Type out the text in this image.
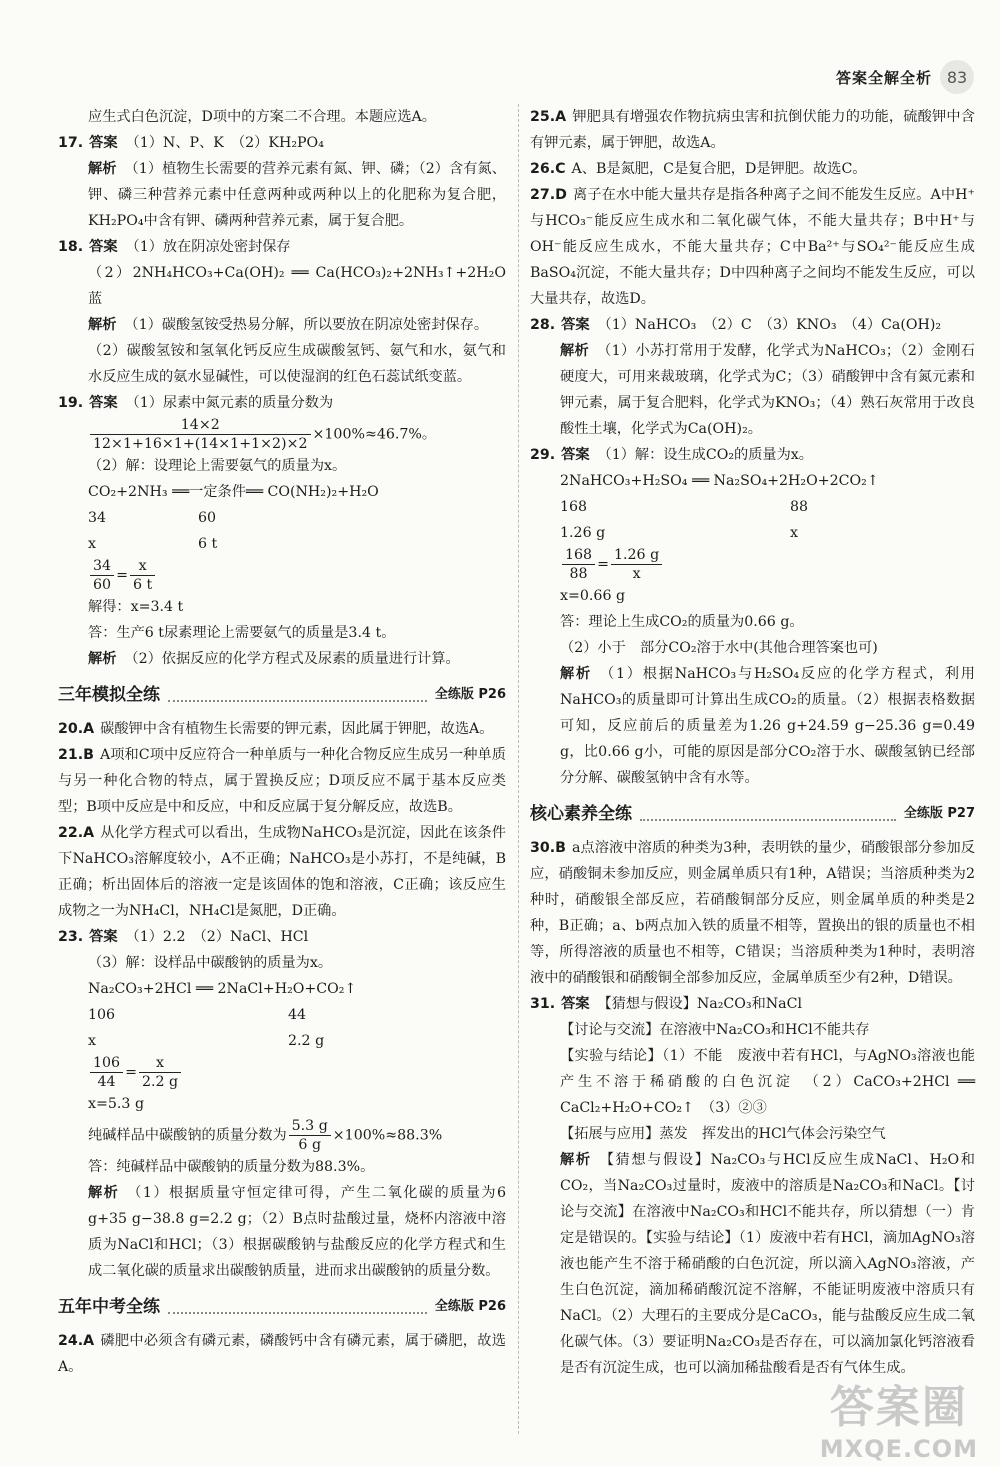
答案全解全析 83

应生式白色沉淀，D项中的方案二不合理。本题应选A。

17. 答案 （1）N、P、K　（2）KH₂PO₄

解析 （1）植物生长需要的营养元素有氮、钾、磷；（2）含有氮、钾、磷三种营养元素中任意两种或两种以上的化肥称为复合肥，KH₂PO₄中含有钾、磷两种营养元素，属于复合肥。

18. 答案 （1）放在阴凉处密封保存

（2）2NH₄HCO₃+Ca(OH)₂ ══ Ca(HCO₃)₂+2NH₃↑+2H₂O　蓝

解析 （1）碳酸氢铵受热易分解，所以要放在阴凉处密封保存。

（2）碳酸氢铵和氢氧化钙反应生成碳酸氢钙、氨气和水，氨气和水反应生成的氨水显碱性，可以使湿润的红色石蕊试纸变蓝。

19. 答案 （1）尿素中氮元素的质量分数为

$\frac{14\times 2}{12\times 1+16\times 1+(14\times 1+1\times 2)\times 2} \times 100\%\approx 46.7\%$。

（2）解：设理论上需要氨气的质量为x。

CO₂+2NH₃ ══一定条件══ CO(NH₂)₂+H₂O

34	60

x	6 t

$\frac{34}{60} = \frac{x}{6 t}$

解得：x=3.4 t

答：生产6 t尿素理论上需要氨气的质量是3.4 t。

解析 （2）依据反应的化学方程式及尿素的质量进行计算。

三年模拟全练	全练版 P26

20.A 碳酸钾中含有植物生长需要的钾元素，因此属于钾肥，故选A。

21.B A项和C项中反应符合一种单质与一种化合物反应生成另一种单质与另一种化合物的特点，属于置换反应；D项反应不属于基本反应类型；B项中反应是中和反应，中和反应属于复分解反应，故选B。

22.A 从化学方程式可以看出，生成物NaHCO₃是沉淀，因此在该条件下NaHCO₃溶解度较小，A不正确；NaHCO₃是小苏打，不是纯碱，B正确；析出固体后的溶液一定是该固体的饱和溶液，C正确；该反应生成物之一为NH₄Cl，NH₄Cl是氮肥，D正确。

23. 答案 （1）2.2　（2）NaCl、HCl

（3）解：设样品中碳酸钠的质量为x。

Na₂CO₃+2HCl ══ 2NaCl+H₂O+CO₂↑

106	44

x	2.2 g

$\frac{106}{44} = \frac{x}{2.2 g}$

x=5.3 g

纯碱样品中碳酸钠的质量分数为 $\frac{5.3 g}{6 g} \times 100\%\approx 88.3\%$

答：纯碱样品中碳酸钠的质量分数为88.3%。

解析 （1）根据质量守恒定律可得，产生二氧化碳的质量为6 g+35 g−38.8 g=2.2 g；（2）B点时盐酸过量，烧杯内溶液中溶质为NaCl和HCl；（3）根据碳酸钠与盐酸反应的化学方程式和生成二氧化碳的质量求出碳酸钠质量，进而求出碳酸钠的质量分数。

五年中考全练	全练版 P26

24.A 磷肥中必须含有磷元素，磷酸钙中含有磷元素，属于磷肥，故选A。

25.A 钾肥具有增强农作物抗病虫害和抗倒伏能力的功能，硫酸钾中含有钾元素，属于钾肥，故选A。

26.C A、B是氮肥，C是复合肥，D是钾肥。故选C。

27.D 离子在水中能大量共存是指各种离子之间不能发生反应。A中H⁺与HCO₃⁻能反应生成水和二氧化碳气体，不能大量共存；B中H⁺与OH⁻能反应生成水，不能大量共存；C中Ba²⁺与SO₄²⁻能反应生成BaSO₄沉淀，不能大量共存；D中四种离子之间均不能发生反应，可以大量共存，故选D。

28. 答案 （1）NaHCO₃　（2）C　（3）KNO₃　（4）Ca(OH)₂

解析 （1）小苏打常用于发酵，化学式为NaHCO₃；（2）金刚石硬度大，可用来裁玻璃，化学式为C；（3）硝酸钾中含有氮元素和钾元素，属于复合肥料，化学式为KNO₃；（4）熟石灰常用于改良酸性土壤，化学式为Ca(OH)₂。

29. 答案 （1）解：设生成CO₂的质量为x。

2NaHCO₃+H₂SO₄ ══ Na₂SO₄+2H₂O+2CO₂↑

168	88

1.26 g	x

$\frac{168}{88} = \frac{1.26 g}{x}$

x=0.66 g

答：理论上生成CO₂的质量为0.66 g。

（2）小于　部分CO₂溶于水中(其他合理答案也可)

解析 （1）根据NaHCO₃与H₂SO₄反应的化学方程式，利用NaHCO₃的质量即可计算出生成CO₂的质量。（2）根据表格数据可知，反应前后的质量差为1.26 g+24.59 g−25.36 g=0.49 g，比0.66 g小，可能的原因是部分CO₂溶于水、碳酸氢钠已经部分分解、碳酸氢钠中含有水等。

核心素养全练	全练版 P27

30.B a点溶液中溶质的种类为3种，表明铁的量少，硝酸银部分参加反应，硝酸铜未参加反应，则金属单质只有1种，A错误；当溶质种类为2种时，硝酸银全部反应，若硝酸铜部分反应，则金属单质的种类是2种，B正确；a、b两点加入铁的质量不相等，置换出的银的质量也不相等，所得溶液的质量也不相等，C错误；当溶质种类为1种时，表明溶液中的硝酸银和硝酸铜全部参加反应，金属单质至少有2种，D错误。

31. 答案 【猜想与假设】Na₂CO₃和NaCl

【讨论与交流】在溶液中Na₂CO₃和HCl不能共存

【实验与结论】（1）不能　废液中若有HCl，与AgNO₃溶液也能产生不溶于稀硝酸的白色沉淀　（2）CaCO₃+2HCl ══ CaCl₂+H₂O+CO₂↑　（3）②③

【拓展与应用】蒸发　挥发出的HCl气体会污染空气

解析 【猜想与假设】Na₂CO₃与HCl反应生成NaCl、H₂O和CO₂，当Na₂CO₃过量时，废液中的溶质是Na₂CO₃和NaCl。【讨论与交流】在溶液中Na₂CO₃和HCl不能共存，所以猜想（一）肯定是错误的。【实验与结论】（1）废液中若有HCl，滴加AgNO₃溶液也能产生不溶于稀硝酸的白色沉淀，所以滴入AgNO₃溶液，产生白色沉淀，滴加稀硝酸沉淀不溶解，不能证明废液中溶质只有NaCl。（2）大理石的主要成分是CaCO₃，能与盐酸反应生成二氧化碳气体。（3）要证明Na₂CO₃是否存在，可以滴加氯化钙溶液看是否有沉淀生成，也可以滴加稀盐酸看是否有气体生成。

答案圈
MXQE.COM
